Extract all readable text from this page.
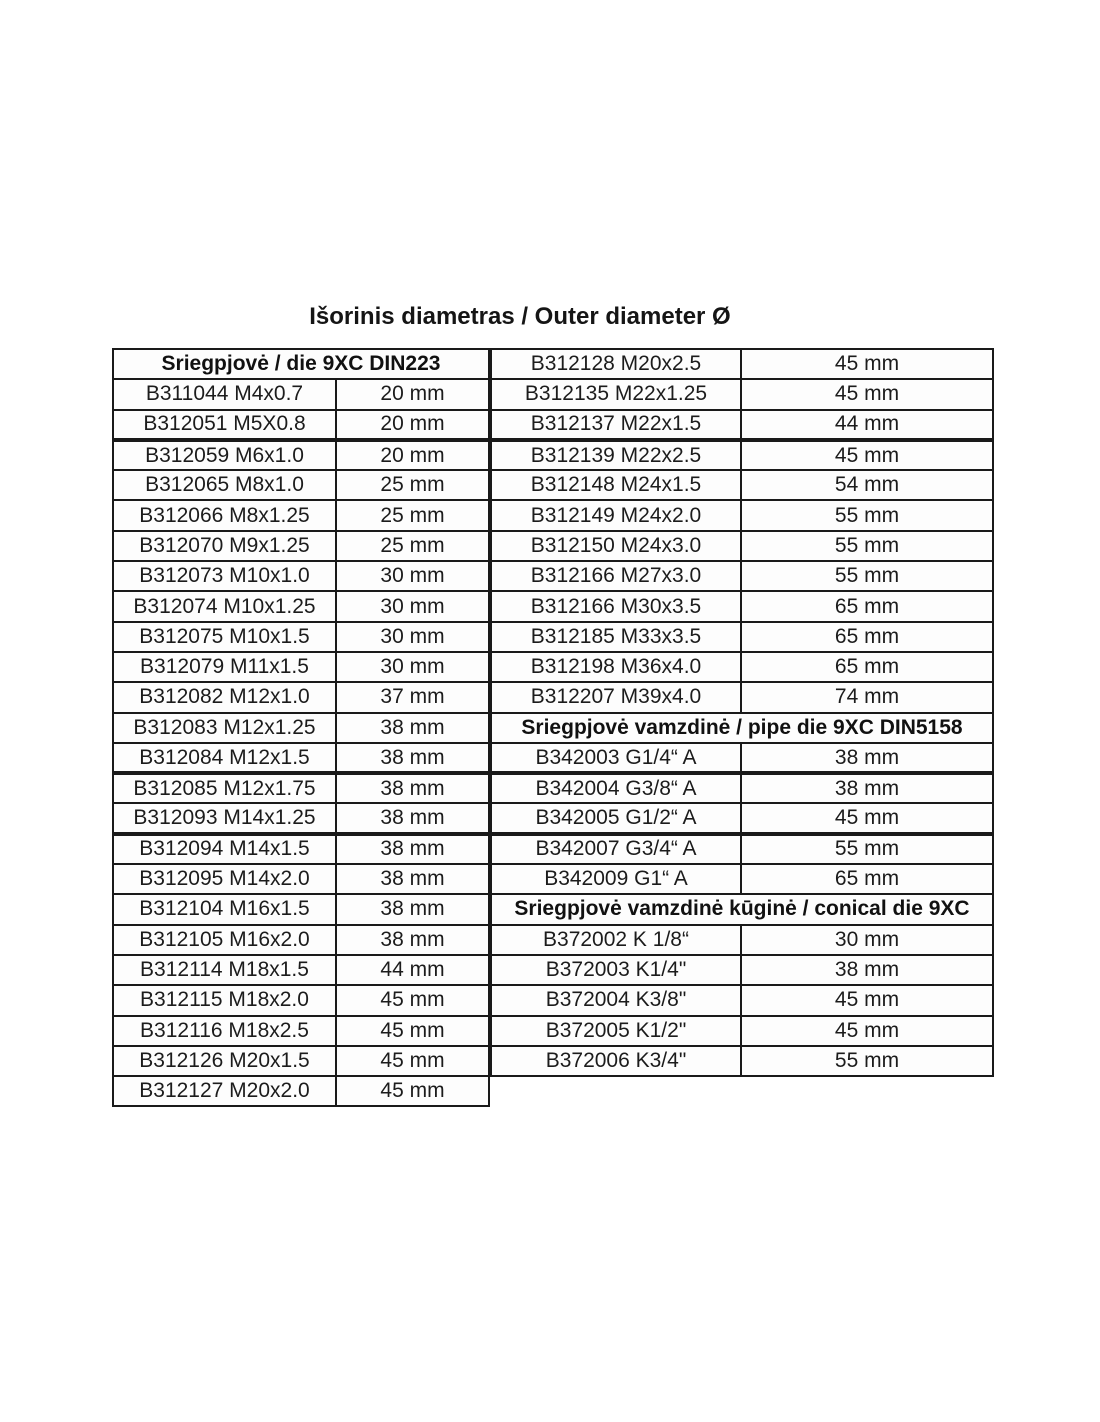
Išorinis diametras / Outer diameter Ø
Sriegpjovė / die 9XC DIN223	
B311044 M4x0.7	20 mm
B312051 M5X0.8	20 mm
B312059 M6x1.0	20 mm
B312065 M8x1.0	25 mm
B312066 M8x1.25	25 mm
B312070 M9x1.25	25 mm
B312073 M10x1.0	30 mm
B312074 M10x1.25	30 mm
B312075 M10x1.5	30 mm
B312079 M11x1.5	30 mm
B312082 M12x1.0	37 mm
B312083 M12x1.25	38 mm
B312084 M12x1.5	38 mm
B312085 M12x1.75	38 mm
B312093 M14x1.25	38 mm
B312094 M14x1.5	38 mm
B312095 M14x2.0	38 mm
B312104 M16x1.5	38 mm
B312105 M16x2.0	38 mm
B312114 M18x1.5	44 mm
B312115 M18x2.0	45 mm
B312116 M18x2.5	45 mm
B312126 M20x1.5	45 mm
B312127 M20x2.0	45 mm
B312128 M20x2.5	45 mm
B312135 M22x1.25	45 mm
B312137 M22x1.5	44 mm
B312139 M22x2.5	45 mm
B312148 M24x1.5	54 mm
B312149 M24x2.0	55 mm
B312150 M24x3.0	55 mm
B312166 M27x3.0	55 mm
B312166 M30x3.5	65 mm
B312185 M33x3.5	65 mm
B312198 M36x4.0	65 mm
B312207 M39x4.0	74 mm
Sriegpjovė vamzdinė / pipe die 9XC DIN5158	
B342003 G1/4“ A	38 mm
B342004 G3/8“ A	38 mm
B342005 G1/2“ A	45 mm
B342007 G3/4“ A	55 mm
B342009 G1“ A	65 mm
Sriegpjovė vamzdinė kūginė / conical die 9XC	
B372002 K 1/8“	30 mm
B372003 K1/4"	38 mm
B372004 K3/8"	45 mm
B372005 K1/2"	45 mm
B372006 K3/4"	55 mm
